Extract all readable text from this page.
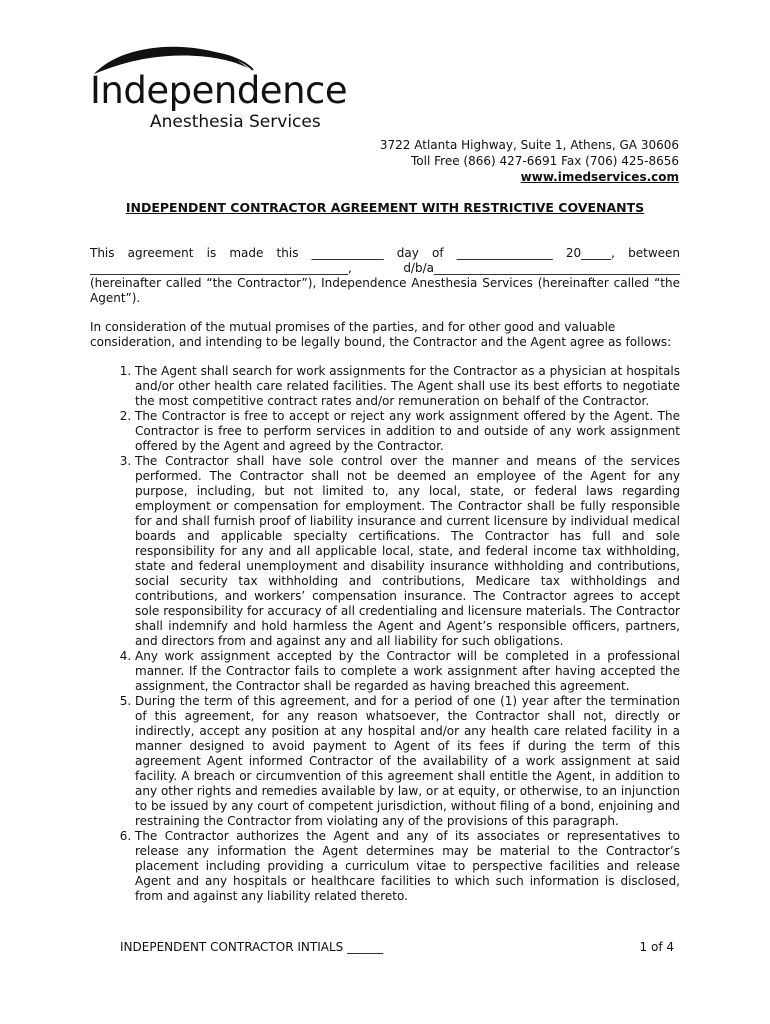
Independence
Anesthesia Services
3722 Atlanta Highway, Suite 1, Athens, GA 30606
Toll Free (866) 427-6691 Fax (706) 425-8656
www.imedservices.com
INDEPENDENT CONTRACTOR AGREEMENT WITH RESTRICTIVE COVENANTS

This agreement is made this ____________ day of ________________ 20_____, between ___________________________________________, d/b/a_________________________________________ (hereinafter called “the Contractor”), Independence Anesthesia Services (hereinafter called “the Agent”).

In consideration of the mutual promises of the parties, and for other good and valuable consideration, and intending to be legally bound, the Contractor and the Agent agree as follows:

1. The Agent shall search for work assignments for the Contractor as a physician at hospitals and/or other health care related facilities. The Agent shall use its best efforts to negotiate the most competitive contract rates and/or remuneration on behalf of the Contractor.
2. The Contractor is free to accept or reject any work assignment offered by the Agent. The Contractor is free to perform services in addition to and outside of any work assignment offered by the Agent and agreed by the Contractor.
3. The Contractor shall have sole control over the manner and means of the services performed. The Contractor shall not be deemed an employee of the Agent for any purpose, including, but not limited to, any local, state, or federal laws regarding employment or compensation for employment. The Contractor shall be fully responsible for and shall furnish proof of liability insurance and current licensure by individual medical boards and applicable specialty certifications. The Contractor has full and sole responsibility for any and all applicable local, state, and federal income tax withholding, state and federal unemployment and disability insurance withholding and contributions, social security tax withholding and contributions, Medicare tax withholdings and contributions, and workers’ compensation insurance. The Contractor agrees to accept sole responsibility for accuracy of all credentialing and licensure materials. The Contractor shall indemnify and hold harmless the Agent and Agent’s responsible officers, partners, and directors from and against any and all liability for such obligations.
4. Any work assignment accepted by the Contractor will be completed in a professional manner. If the Contractor fails to complete a work assignment after having accepted the assignment, the Contractor shall be regarded as having breached this agreement.
5. During the term of this agreement, and for a period of one (1) year after the termination of this agreement, for any reason whatsoever, the Contractor shall not, directly or indirectly, accept any position at any hospital and/or any health care related facility in a manner designed to avoid payment to Agent of its fees if during the term of this agreement Agent informed Contractor of the availability of a work assignment at said facility. A breach or circumvention of this agreement shall entitle the Agent, in addition to any other rights and remedies available by law, or at equity, or otherwise, to an injunction to be issued by any court of competent jurisdiction, without filing of a bond, enjoining and restraining the Contractor from violating any of the provisions of this paragraph.
6. The Contractor authorizes the Agent and any of its associates or representatives to release any information the Agent determines may be material to the Contractor’s placement including providing a curriculum vitae to perspective facilities and release Agent and any hospitals or healthcare facilities to which such information is disclosed, from and against any liability related thereto.
INDEPENDENT CONTRACTOR INTIALS ______	1 of 4
